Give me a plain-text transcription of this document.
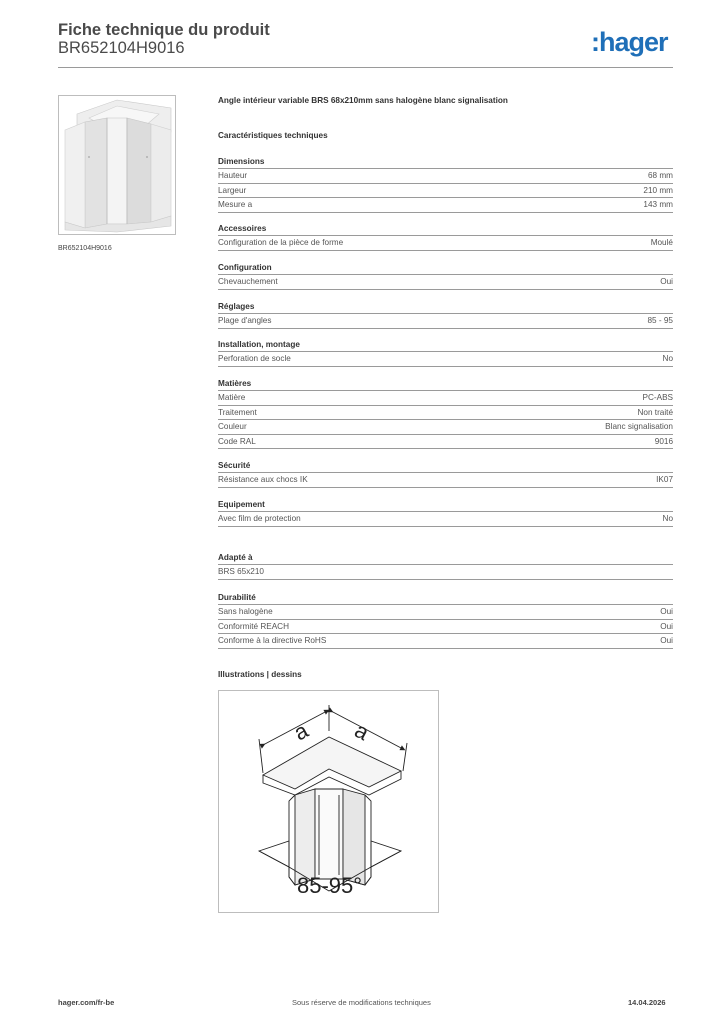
Fiche technique du produit
BR652104H9016	:hager
BR652104H9016
Angle intérieur variable BRS 68x210mm sans halogène blanc signalisation
Caractéristiques techniques
Dimensions
Hauteur	68 mm
Largeur	210 mm
Mesure a	143 mm
Accessoires
Configuration de la pièce de forme	Moulé
Configuration
Chevauchement	Oui
Réglages
Plage d'angles	85 - 95
Installation, montage
Perforation de socle	No
Matières
Matière	PC-ABS
Traitement	Non traité
Couleur	Blanc signalisation
Code RAL	9016
Sécurité
Résistance aux chocs IK	IK07
Equipement
Avec film de protection	No
Adapté à
BRS 65x210
Durabilité
Sans halogène	Oui
Conformité REACH	Oui
Conforme à la directive RoHS	Oui
Illustrations | dessins
a a
85-95°
hager.com/fr-be	Sous réserve de modifications techniques	14.04.2026
